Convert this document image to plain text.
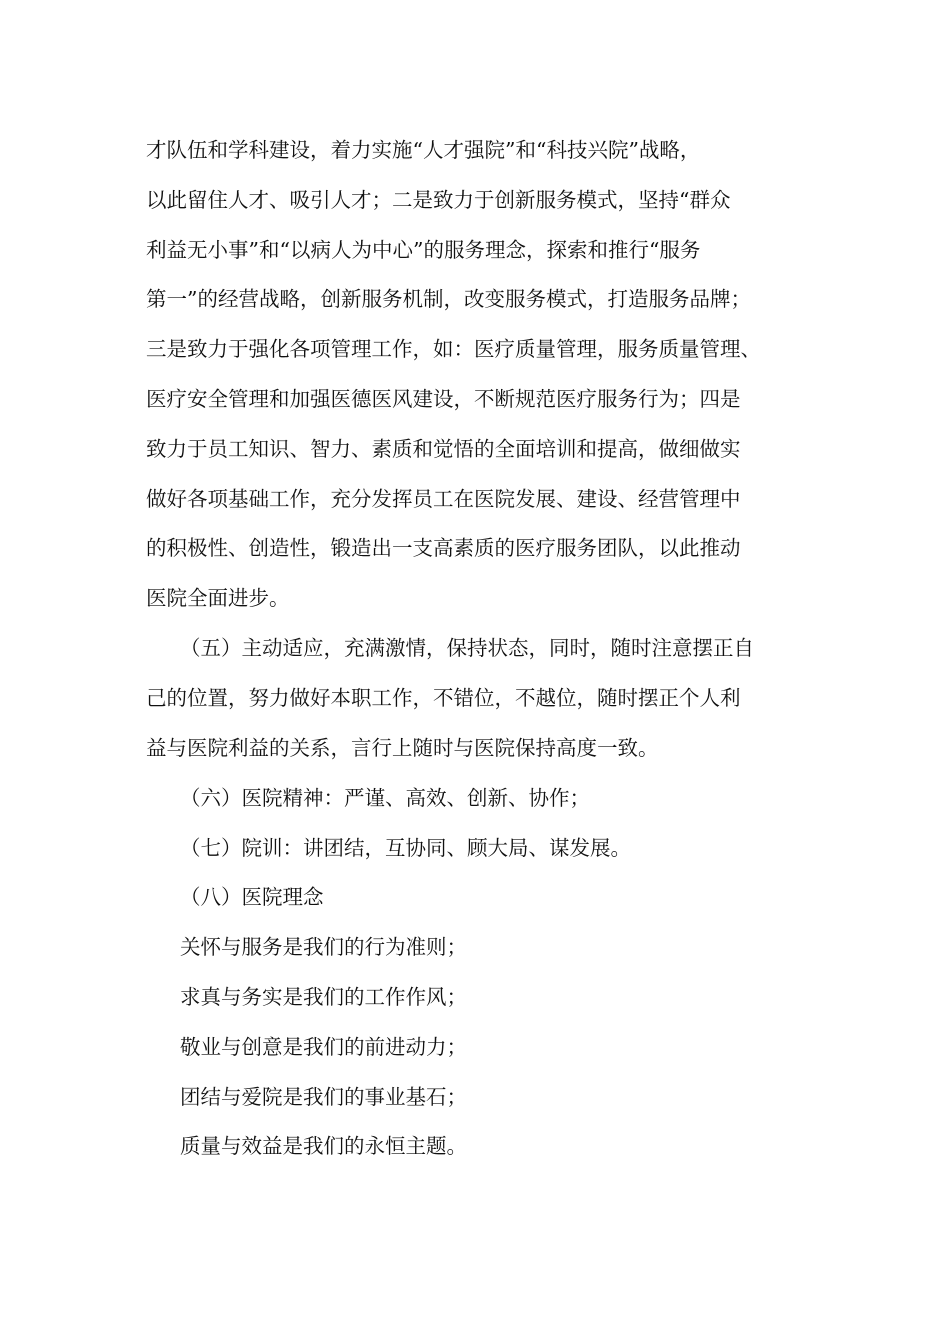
才队伍和学科建设，着力实施“人才强院”和“科技兴院”战略，
以此留住人才、吸引人才；二是致力于创新服务模式，坚持“群众
利益无小事”和“以病人为中心”的服务理念，探索和推行“服务
第一”的经营战略，创新服务机制，改变服务模式，打造服务品牌；
三是致力于强化各项管理工作，如：医疗质量管理，服务质量管理、
医疗安全管理和加强医德医风建设，不断规范医疗服务行为；四是
致力于员工知识、智力、素质和觉悟的全面培训和提高，做细做实
做好各项基础工作，充分发挥员工在医院发展、建设、经营管理中
的积极性、创造性，锻造出一支高素质的医疗服务团队，以此推动
医院全面进步。
（五）主动适应，充满激情，保持状态，同时，随时注意摆正自
己的位置，努力做好本职工作，不错位，不越位，随时摆正个人利
益与医院利益的关系，言行上随时与医院保持高度一致。
（六）医院精神：严谨、高效、创新、协作；
（七）院训：讲团结，互协同、顾大局、谋发展。
（八）医院理念
关怀与服务是我们的行为准则；
求真与务实是我们的工作作风；
敬业与创意是我们的前进动力；
团结与爱院是我们的事业基石；
质量与效益是我们的永恒主题。
